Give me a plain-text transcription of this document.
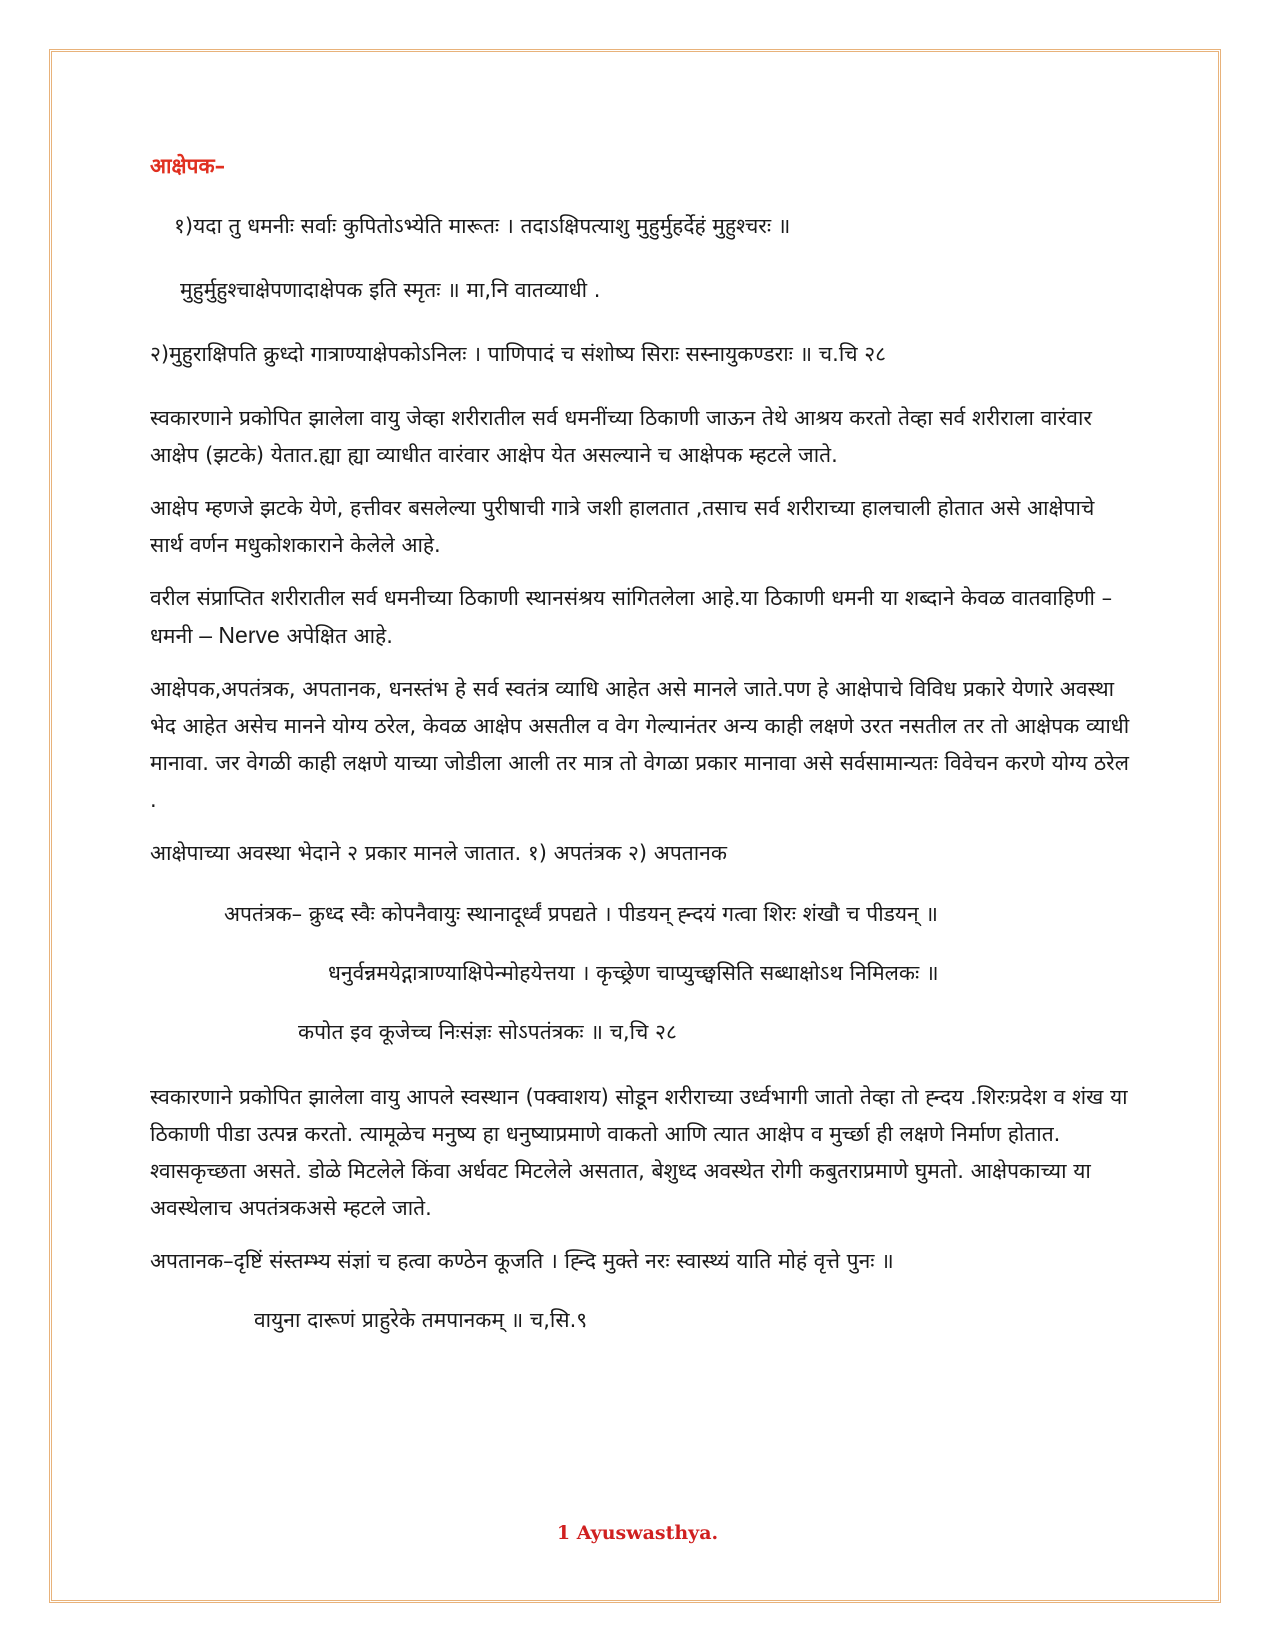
आक्षेपक–

१)यदा तु धमनीः सर्वाः कुपितोऽभ्येति मारूतः । तदाऽक्षिपत्याशु मुहुर्मुहर्देहं मुहुश्चरः ॥

मुहुर्मुहुश्चाक्षेपणादाक्षेपक इति स्मृतः ॥ मा,नि वातव्याधी .

२)मुहुराक्षिपति क्रुध्दो गात्राण्याक्षेपकोऽनिलः । पाणिपादं च संशोष्य सिराः सस्नायुकण्डराः ॥ च.चि २८

स्वकारणाने प्रकोपित झालेला वायु जेव्हा शरीरातील सर्व धमनींच्या ठिकाणी जाऊन तेथे आश्रय करतो तेव्हा सर्व शरीराला वारंवार आक्षेप (झटके) येतात.ह्या ह्या व्याधीत वारंवार आक्षेप येत असल्याने च आक्षेपक म्हटले जाते.

आक्षेप म्हणजे झटके येणे, हत्तीवर बसलेल्या पुरीषाची गात्रे जशी हालतात ,तसाच सर्व शरीराच्या हालचाली होतात असे आक्षेपाचे सार्थ वर्णन मधुकोशकाराने केलेले आहे.

वरील संप्राप्तित शरीरातील सर्व धमनीच्या ठिकाणी स्थानसंश्रय सांगितलेला आहे.या ठिकाणी धमनी या शब्दाने केवळ वातवाहिणी –धमनी – Nerve अपेक्षित आहे.

आक्षेपक,अपतंत्रक, अपतानक, धनस्तंभ हे सर्व स्वतंत्र व्याधि आहेत असे मानले जाते.पण हे आक्षेपाचे विविध प्रकारे येणारे अवस्था भेद आहेत असेच मानने योग्य ठरेल, केवळ आक्षेप असतील व वेग गेल्यानंतर अन्य काही लक्षणे उरत नसतील तर तो आक्षेपक व्याधी मानावा. जर वेगळी काही लक्षणे याच्या जोडीला आली तर मात्र तो वेगळा प्रकार मानावा असे सर्वसामान्यतः विवेचन करणे योग्य ठरेल .

आक्षेपाच्या अवस्था भेदाने २ प्रकार मानले जातात. १) अपतंत्रक २) अपतानक

अपतंत्रक– क्रुध्द स्वैः कोपनैवायुः स्थानादूर्ध्वं प्रपद्यते । पीडयन् ह्न्दयं गत्वा शिरः शंखौ च पीडयन् ॥

धनुर्वन्नमयेद्गात्राण्याक्षिपेन्मोहयेत्तया । कृच्छ्रेण चाप्युच्छ्वसिति सब्धाक्षोऽथ निमिलकः ॥

कपोत इव कूजेच्च निःसंज्ञः सोऽपतंत्रकः ॥ च,चि २८

स्वकारणाने प्रकोपित झालेला वायु आपले स्वस्थान (पक्वाशय) सोडून शरीराच्या उर्ध्वभागी जातो तेव्हा तो ह्न्दय .शिरःप्रदेश व शंख या ठिकाणी पीडा उत्पन्न करतो. त्यामूळेच मनुष्य हा धनुष्याप्रमाणे वाकतो आणि त्यात आक्षेप व मुर्च्छा ही लक्षणे निर्माण होतात. श्वासकृच्छता असते. डोळे मिटलेले किंवा अर्धवट मिटलेले असतात, बेशुध्द अवस्थेत रोगी कबुतराप्रमाणे घुमतो. आक्षेपकाच्या या अवस्थेलाच अपतंत्रकअसे म्हटले जाते.

अपतानक–दृष्टिं संस्तम्भ्य संज्ञां च हत्वा कण्ठेन कूजति । ह्न्दि मुक्ते नरः स्वास्थ्यं याति मोहं वृत्ते पुनः ॥

वायुना दारूणं प्राहुरेके तमपानकम् ॥ च,सि.९

1 Ayuswasthya.
